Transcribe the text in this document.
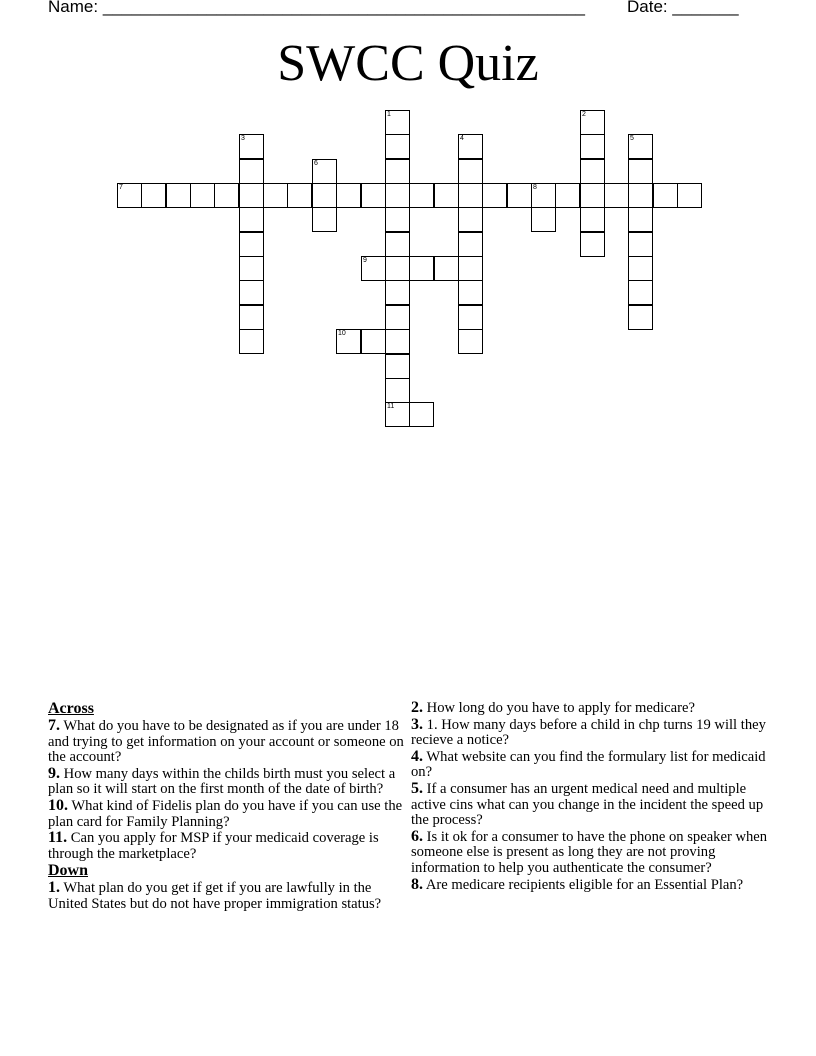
Name: ___________________________________________________ Date: _______
SWCC Quiz
1
11
2
3	4	5
6
7	8
9
10
Across

7. What do you have to be designated as if you are under 18 and trying to get information on your account or someone on the account?

9. How many days within the childs birth must you select a plan so it will start on the first month of the date of birth?

10. What kind of Fidelis plan do you have if you can use the plan card for Family Planning?

11. Can you apply for MSP if your medicaid coverage is through the marketplace?

Down

1. What plan do you get if get if you are lawfully in the United States but do not have proper immigration status?

2. How long do you have to apply for medicare?

3. 1. How many days before a child in chp turns 19 will they recieve a notice?

4. What website can you find the formulary list for medicaid on?

5. If a consumer has an urgent medical need and multiple active cins what can you change in the incident the speed up the process?

6. Is it ok for a consumer to have the phone on speaker when someone else is present as long they are not proving information to help you authenticate the consumer?

8. Are medicare recipients eligible for an Essential Plan?
